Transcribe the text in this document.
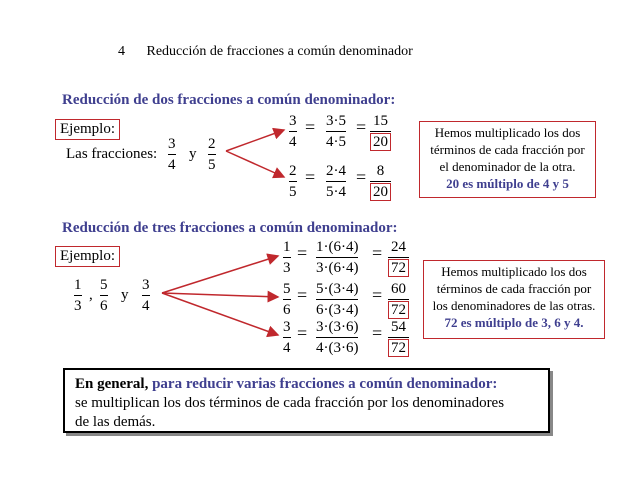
4 Reducción de fracciones a común denominador
Reducción de dos fracciones a común denominador:
Ejemplo:
Las fracciones:
3
4
y
2
5
3
4
= 3·5
4·5
= $\frac{15}{20}$
2
5
= 2·4
5·4
= $\frac{8}{20}$
Hemos multiplicado los dos
términos de cada fracción por
el denominador de la otra.
20 es múltiplo de 4 y 5
Reducción de tres fracciones a común denominador:
Ejemplo:
1
3
,
5
6
y
3
4
1
3
= 1·(6·4)
3·(6·4)
= $\frac{24}{72}$
5
6
= 5·(3·4)
6·(3·4)
= $\frac{60}{72}$
3
4
= 3·(3·6)
4·(3·6)
= $\frac{54}{72}$
Hemos multiplicado los dos
términos de cada fracción por
los denominadores de las otras.
72 es múltiplo de 3, 6 y 4.
En general, para reducir varias fracciones a común denominador:
se multiplican los dos términos de cada fracción por los denominadores
de las demás.
